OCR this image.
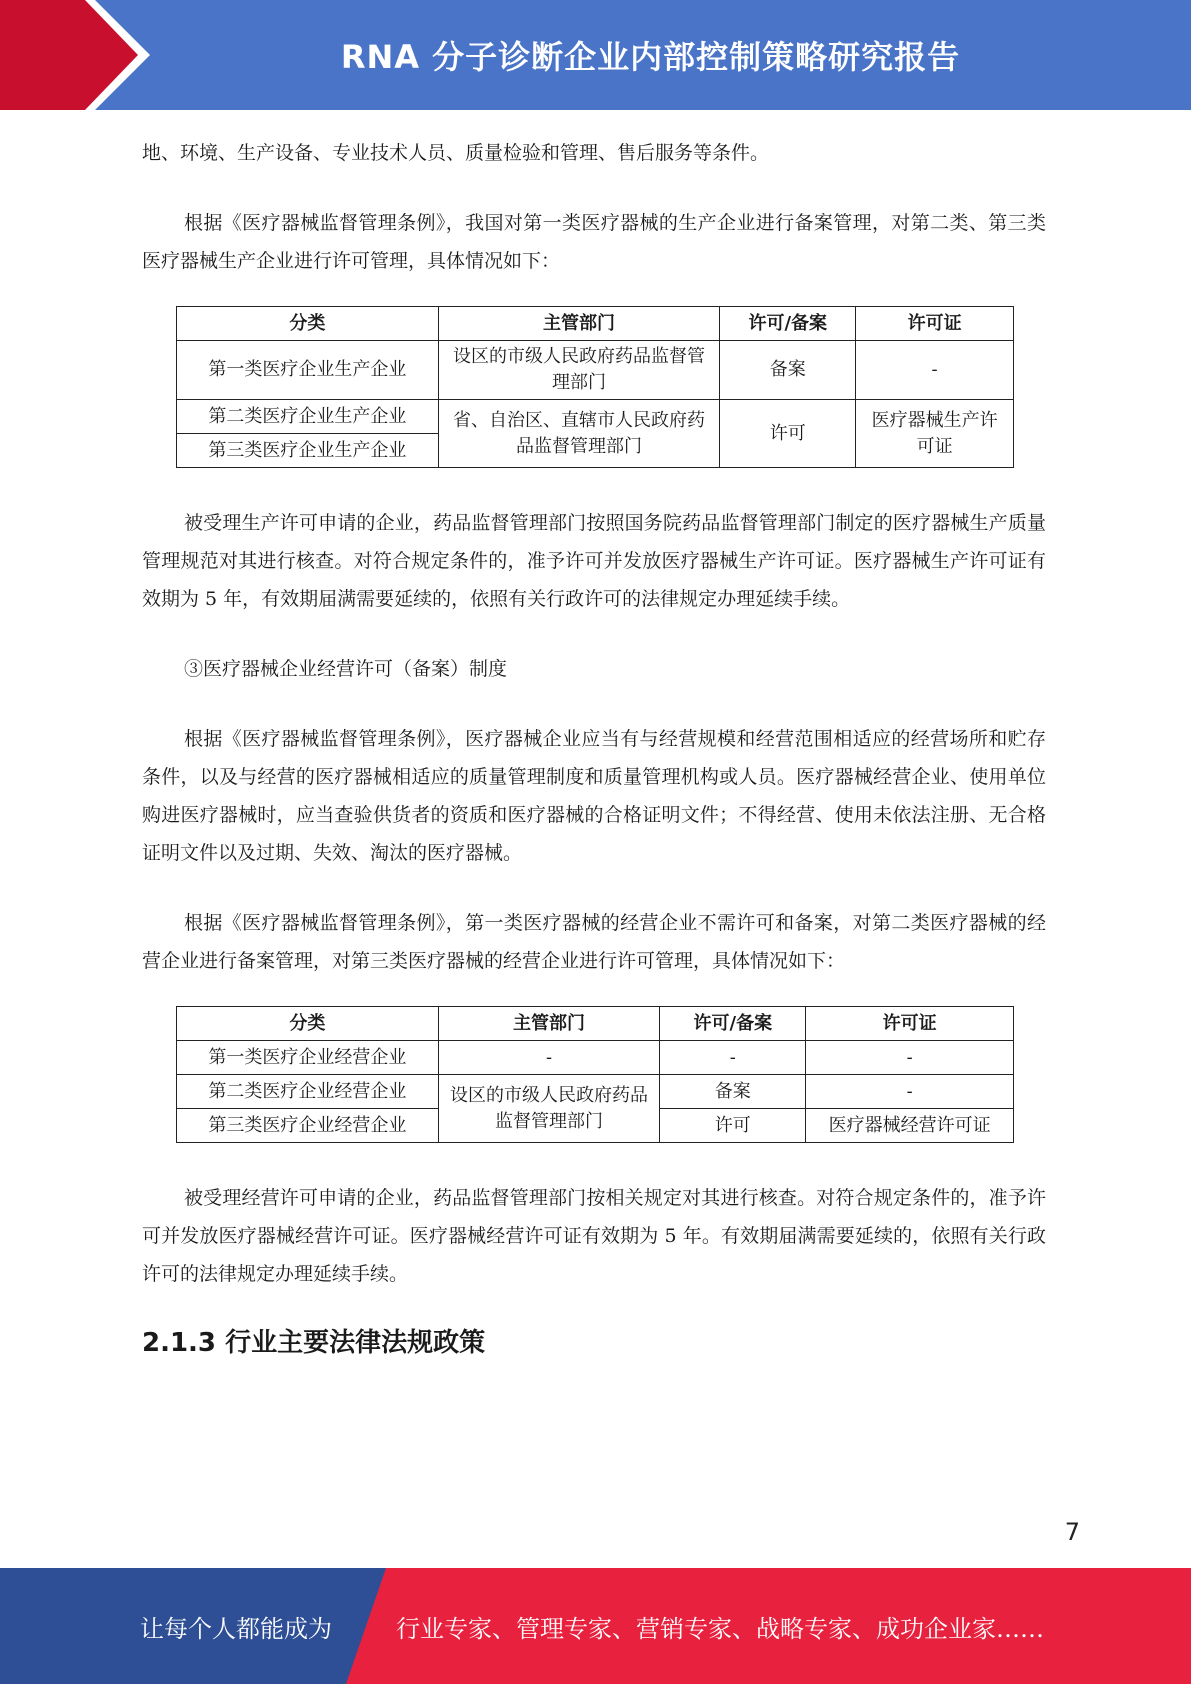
RNA 分子诊断企业内部控制策略研究报告

地、环境、生产设备、专业技术人员、质量检验和管理、售后服务等条件。

根据《医疗器械监督管理条例》，我国对第一类医疗器械的生产企业进行备案管理，对第二类、第三类医疗器械生产企业进行许可管理，具体情况如下：

分类	主管部门	许可/备案	许可证
第一类医疗企业生产企业	设区的市级人民政府药品监督管理部门	备案	-
第二类医疗企业生产企业	省、自治区、直辖市人民政府药品监督管理部门	许可	医疗器械生产许可证
第三类医疗企业生产企业			

被受理生产许可申请的企业，药品监督管理部门按照国务院药品监督管理部门制定的医疗器械生产质量管理规范对其进行核查。对符合规定条件的，准予许可并发放医疗器械生产许可证。医疗器械生产许可证有效期为 5 年，有效期届满需要延续的，依照有关行政许可的法律规定办理延续手续。

③医疗器械企业经营许可（备案）制度

根据《医疗器械监督管理条例》，医疗器械企业应当有与经营规模和经营范围相适应的经营场所和贮存条件，以及与经营的医疗器械相适应的质量管理制度和质量管理机构或人员。医疗器械经营企业、使用单位购进医疗器械时，应当查验供货者的资质和医疗器械的合格证明文件；不得经营、使用未依法注册、无合格证明文件以及过期、失效、淘汰的医疗器械。

根据《医疗器械监督管理条例》，第一类医疗器械的经营企业不需许可和备案，对第二类医疗器械的经营企业进行备案管理，对第三类医疗器械的经营企业进行许可管理，具体情况如下：

分类	主管部门	许可/备案	许可证
第一类医疗企业经营企业	-	-	-
第二类医疗企业经营企业	设区的市级人民政府药品监督管理部门	备案	-
第三类医疗企业经营企业		许可	医疗器械经营许可证

被受理经营许可申请的企业，药品监督管理部门按相关规定对其进行核查。对符合规定条件的，准予许可并发放医疗器械经营许可证。医疗器械经营许可证有效期为 5 年。有效期届满需要延续的，依照有关行政许可的法律规定办理延续手续。

2.1.3 行业主要法律法规政策
7
让每个人都能成为	行业专家、管理专家、营销专家、战略专家、成功企业家……
